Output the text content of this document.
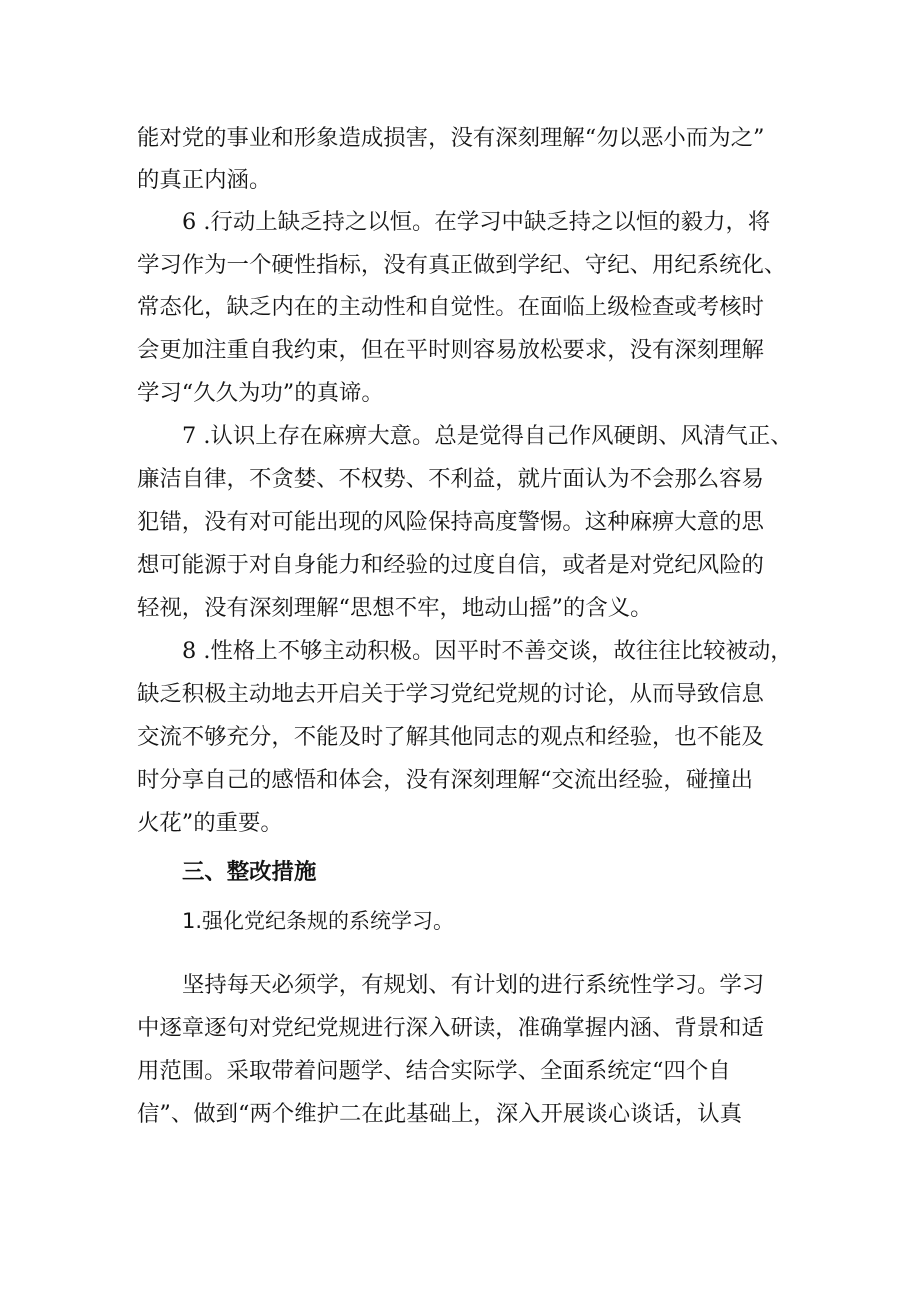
能对党的事业和形象造成损害，没有深刻理解“勿以恶小而为之”
的真正内涵。
6 .行动上缺乏持之以恒。在学习中缺乏持之以恒的毅力，将
学习作为一个硬性指标，没有真正做到学纪、守纪、用纪系统化、
常态化，缺乏内在的主动性和自觉性。在面临上级检查或考核时
会更加注重自我约束，但在平时则容易放松要求，没有深刻理解
学习“久久为功”的真谛。
7 .认识上存在麻痹大意。总是觉得自己作风硬朗、风清气正、
廉洁自律，不贪婪、不权势、不利益，就片面认为不会那么容易
犯错，没有对可能出现的风险保持高度警惕。这种麻痹大意的思
想可能源于对自身能力和经验的过度自信，或者是对党纪风险的
轻视，没有深刻理解“思想不牢，地动山摇”的含义。
8 .性格上不够主动积极。因平时不善交谈，故往往比较被动，
缺乏积极主动地去开启关于学习党纪党规的讨论，从而导致信息
交流不够充分，不能及时了解其他同志的观点和经验，也不能及
时分享自己的感悟和体会，没有深刻理解“交流出经验，碰撞出
火花”的重要。
三、整改措施
1.强化党纪条规的系统学习。
坚持每天必须学，有规划、有计划的进行系统性学习。学习
中逐章逐句对党纪党规进行深入研读，准确掌握内涵、背景和适
用范围。采取带着问题学、结合实际学、全面系统定“四个自
信”、做到“两个维护二在此基础上，深入开展谈心谈话，认真
